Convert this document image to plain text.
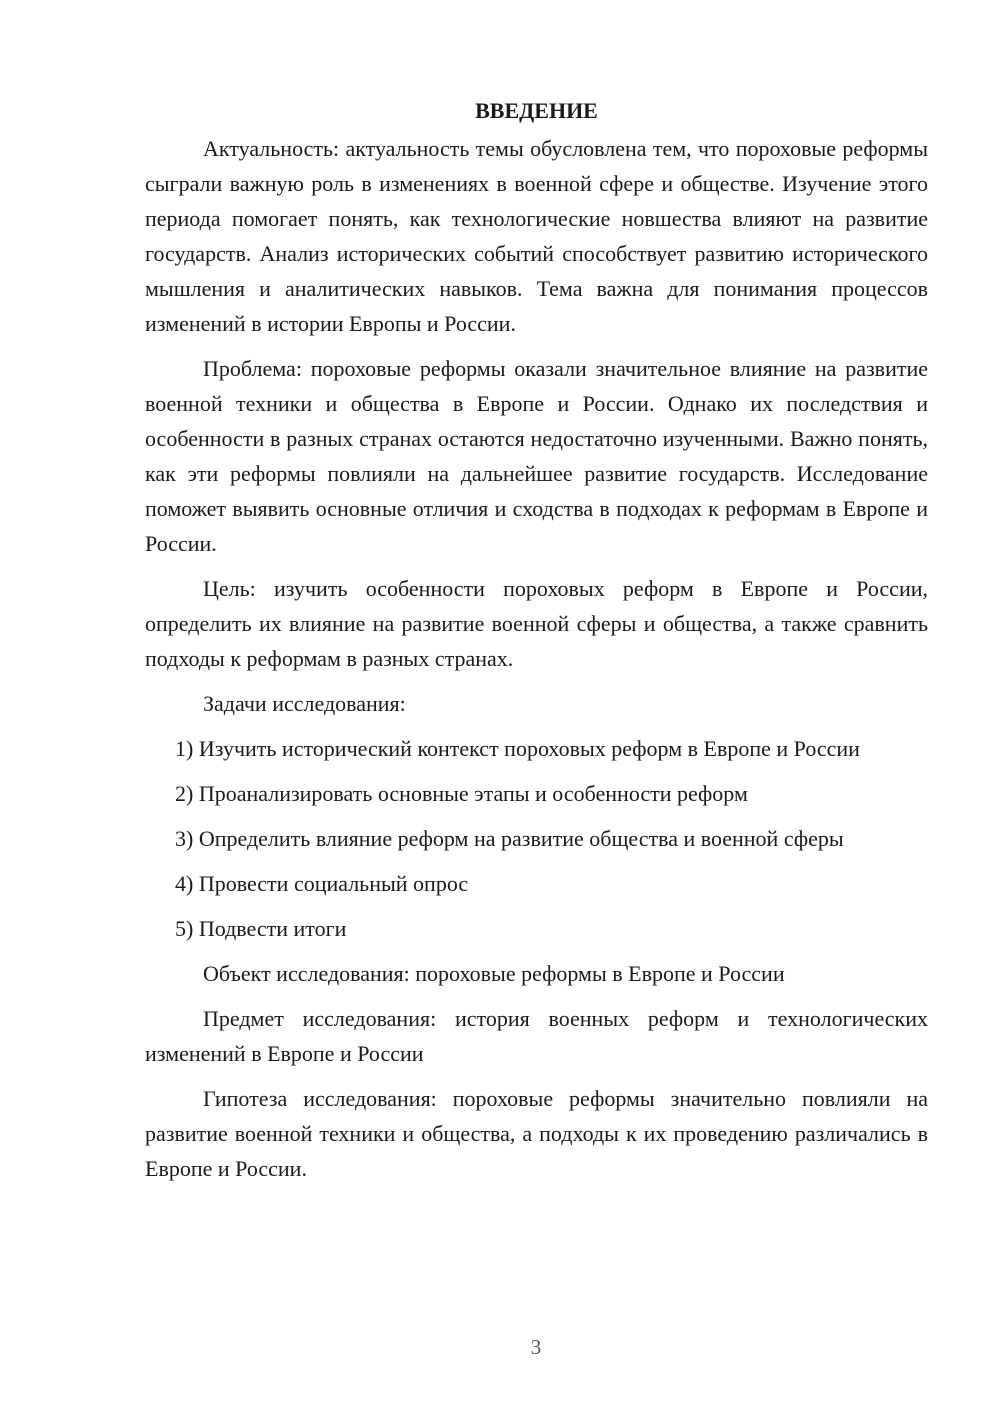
ВВЕДЕНИЕ

Актуальность: актуальность темы обусловлена тем, что пороховые реформы сыграли важную роль в изменениях в военной сфере и обществе. Изучение этого периода помогает понять, как технологические новшества влияют на развитие государств. Анализ исторических событий способствует развитию исторического мышления и аналитических навыков. Тема важна для понимания процессов изменений в истории Европы и России.

Проблема: пороховые реформы оказали значительное влияние на развитие военной техники и общества в Европе и России. Однако их последствия и особенности в разных странах остаются недостаточно изученными. Важно понять, как эти реформы повлияли на дальнейшее развитие государств. Исследование поможет выявить основные отличия и сходства в подходах к реформам в Европе и России.

Цель: изучить особенности пороховых реформ в Европе и России, определить их влияние на развитие военной сферы и общества, а также сравнить подходы к реформам в разных странах.

Задачи исследования:

1) Изучить исторический контекст пороховых реформ в Европе и России

2) Проанализировать основные этапы и особенности реформ

3) Определить влияние реформ на развитие общества и военной сферы

4) Провести социальный опрос

5) Подвести итоги

Объект исследования: пороховые реформы в Европе и России

Предмет исследования: история военных реформ и технологических изменений в Европе и России

Гипотеза исследования: пороховые реформы значительно повлияли на развитие военной техники и общества, а подходы к их проведению различались в Европе и России.

3
